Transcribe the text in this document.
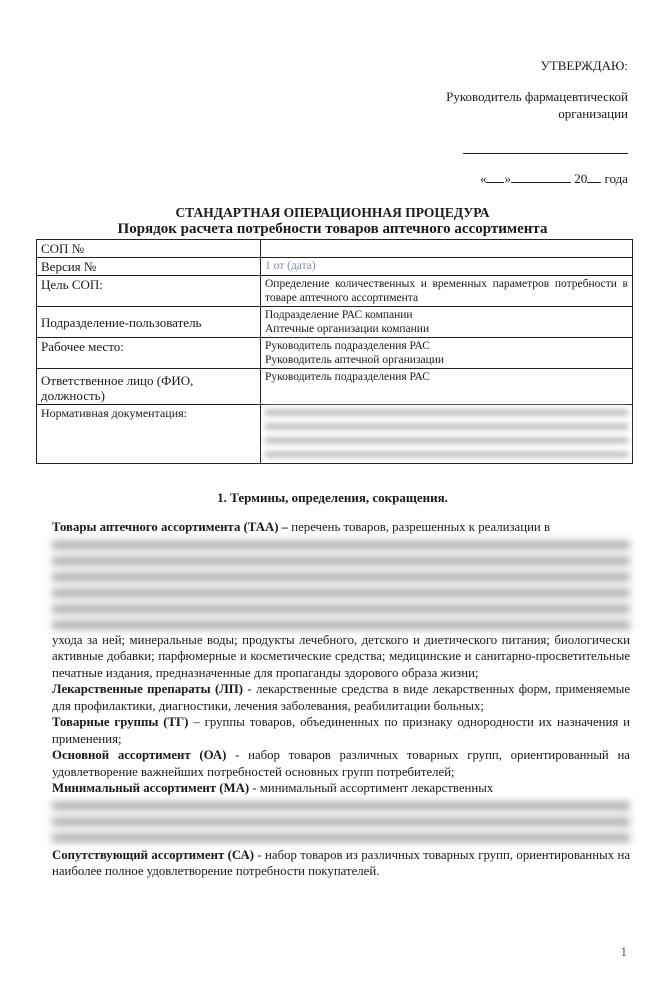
УТВЕРЖДАЮ:
Руководитель фармацевтической организации
« »	20 года
СТАНДАРТНАЯ ОПЕРАЦИОННАЯ ПРОЦЕДУРА
Порядок расчета потребности товаров аптечного ассортимента
СОП №	
Версия №	1 от (дата)
Цель СОП:	Определение количественных и временных параметров потребности в товаре аптечного ассортимента
Подразделение-пользователь	Подразделение РАС компании
Аптечные организации компании

Рабочее место:	Руководитель подразделения РАС
Руководитель аптечной организации

Ответственное лицо (ФИО, должность)	Руководитель подразделения РАС
Нормативная документация:	
1. Термины, определения, сокращения.

Товары аптечного ассортимента (ТАА) – перечень товаров, разрешенных к реализации в

ухода за ней; минеральные воды; продукты лечебного, детского и диетического питания; биологически активные добавки; парфюмерные и косметические средства; медицинские и санитарно-просветительные печатные издания, предназначенные для пропаганды здорового образа жизни;

Лекарственные препараты (ЛП) - лекарственные средства в виде лекарственных форм, применяемые для профилактики, диагностики, лечения заболевания, реабилитации больных;

Товарные группы (ТГ) – группы товаров, объединенных по признаку однородности их назначения и применения;

Основной ассортимент (ОА) - набор товаров различных товарных групп, ориентированный на удовлетворение важнейших потребностей основных групп потребителей;

Минимальный ассортимент (МА) - минимальный ассортимент лекарственных

Сопутствующий ассортимент (СА) - набор товаров из различных товарных групп, ориентированных на наиболее полное удовлетворение потребности покупателей.

1
